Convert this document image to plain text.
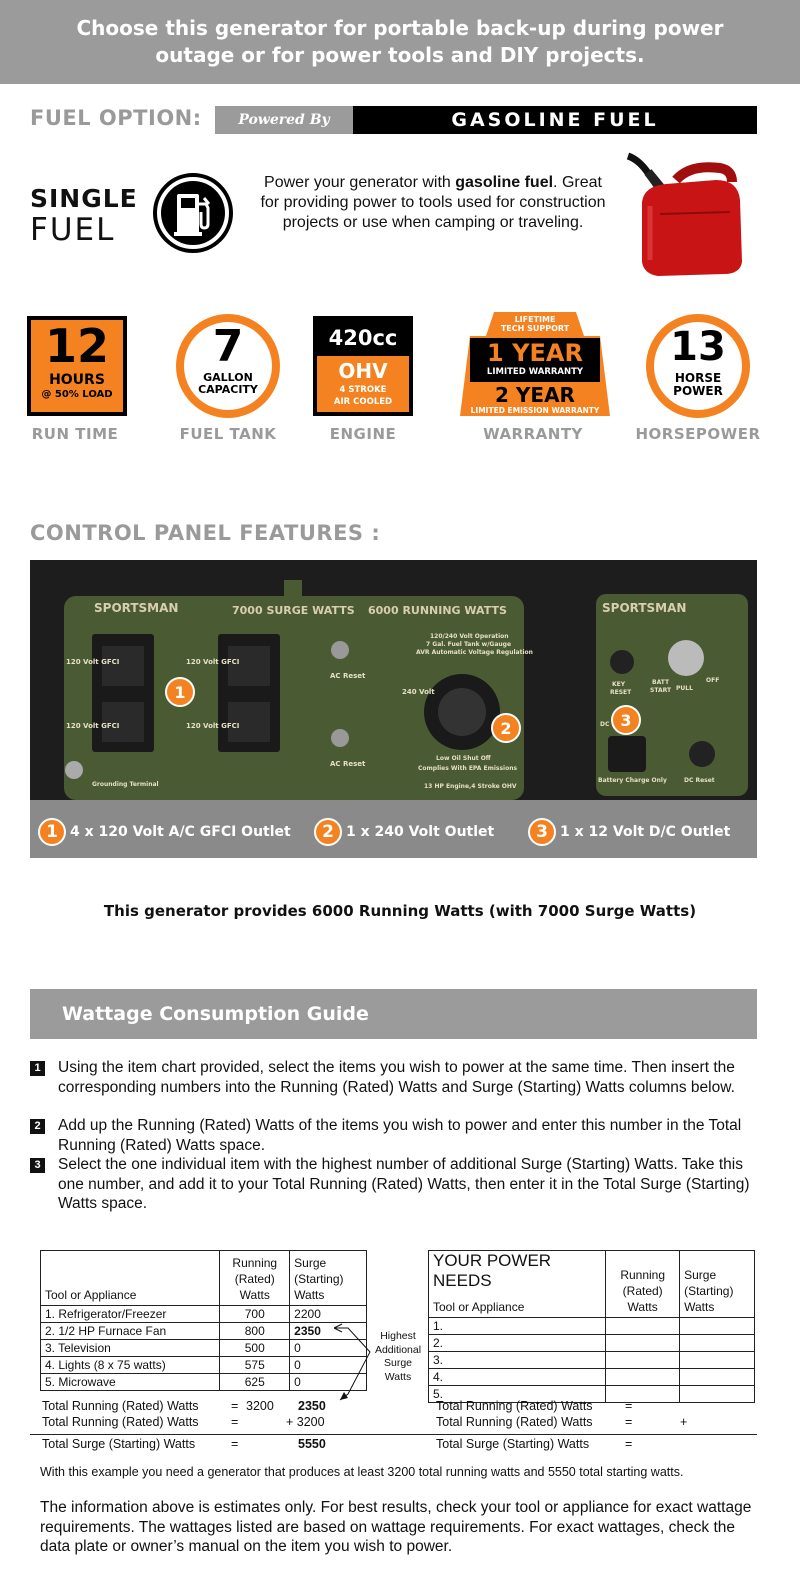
Choose this generator for portable back-up during power
outage or for power tools and DIY projects.
FUEL OPTION:	Powered By	GASOLINE FUEL
SINGLE
FUEL
Power your generator with gasoline fuel. Great for providing power to tools used for construction projects or use when camping or traveling.
12
HOURS
@ 50% LOAD
RUN TIME
7
GALLON
CAPACITY
FUEL TANK
420cc
OHV
4 STROKE
AIR COOLED
ENGINE
LIFETIME
TECH SUPPORT
1 YEAR
LIMITED WARRANTY
2 YEAR
LIMITED EMISSION WARRANTY
WARRANTY
13
HORSE
POWER
HORSEPOWER
CONTROL PANEL FEATURES :
SPORTSMAN	7000 SURGE WATTS 6000 RUNNING WATTS	SPORTSMAN
120 Volt GFCI	120 Volt GFCI
120 Volt GFCI	120 Volt GFCI
AC Reset
AC Reset
240 Volt
120/240 Volt Operation
7 Gal. Fuel Tank w/Gauge
AVR Automatic Voltage Regulation
Low Oil Shut Off
Complies With EPA Emissions
13 HP Engine,4 Stroke OHV
Grounding Terminal
KEY
RESET
BATT
START PULL
OFF
DC
Battery Charge Only	DC Reset
1
2	3
1 4 x 120 Volt A/C GFCI Outlet	2 1 x 240 Volt Outlet	3 1 x 12 Volt D/C Outlet
This generator provides 6000 Running Watts (with 7000 Surge Watts)
Wattage Consumption Guide
1 Using the item chart provided, select the items you wish to power at the same time. Then insert the corresponding numbers into the Running (Rated) Watts and Surge (Starting) Watts columns below.
2 Add up the Running (Rated) Watts of the items you wish to power and enter this number in the Total Running (Rated) Watts space.
3 Select the one individual item with the highest number of additional Surge (Starting) Watts. Take this one number, and add it to your Total Running (Rated) Watts, then enter it in the Total Surge (Starting) Watts space.
Tool or Appliance	Running (Rated) Watts	Surge (Starting) Watts
1. Refrigerator/Freezer	700	2200
2. 1/2 HP Furnace Fan	800	2350
3. Television	500	0
4. Lights (8 x 75 watts)	575	0
5. Microwave	625	0
Highest Additional Surge Watts
Total Running (Rated) Watts	= 3200 2350
Total Running (Rated) Watts	=	+ 3200
Total Surge (Starting) Watts	=	5550
YOUR POWER NEEDS
Tool or Appliance	Running (Rated) Watts	Surge (Starting) Watts
1.		
2.		
3.		
4.		
5.		
Total Running (Rated) Watts	=
Total Running (Rated) Watts	=	+
Total Surge (Starting) Watts	=
With this example you need a generator that produces at least 3200 total running watts and 5550 total starting watts.
The information above is estimates only. For best results, check your tool or appliance for exact wattage requirements. The wattages listed are based on wattage requirements. For exact wattages, check the data plate or owner’s manual on the item you wish to power.
